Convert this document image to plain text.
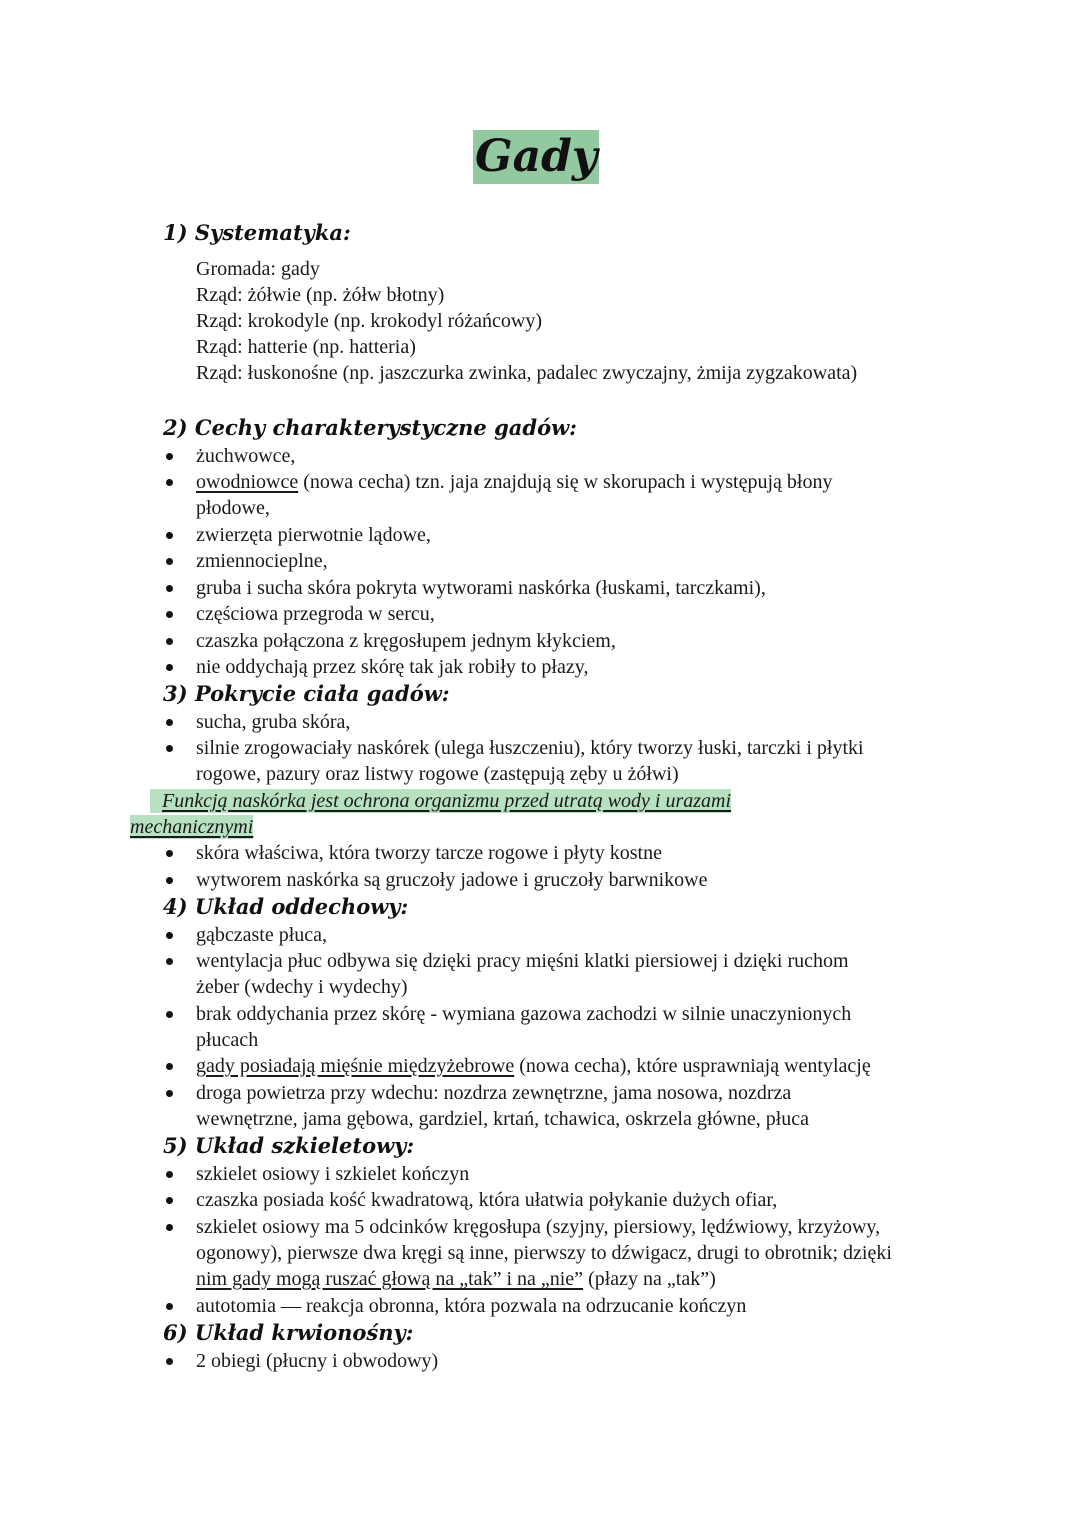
Gady
1) Systematyka:
Gromada: gady
Rząd: żółwie (np. żółw błotny)
Rząd: krokodyle (np. krokodyl różańcowy)
Rząd: hatterie (np. hatteria)
Rząd: łuskonośne (np. jaszczurka zwinka, padalec zwyczajny, żmija zygzakowata)
2) Cechy charakterystyczne gadów:
żuchwowce,
owodniowce (nowa cecha) tzn. jaja znajdują się w skorupach i występują błony
płodowe,
zwierzęta pierwotnie lądowe,
zmiennocieplne,
gruba i sucha skóra pokryta wytworami naskórka (łuskami, tarczkami),
częściowa przegroda w sercu,
czaszka połączona z kręgosłupem jednym kłykciem,
nie oddychają przez skórę tak jak robiły to płazy,
3) Pokrycie ciała gadów:
sucha, gruba skóra,
silnie zrogowaciały naskórek (ulega łuszczeniu), który tworzy łuski, tarczki i płytki
rogowe, pazury oraz listwy rogowe (zastępują zęby u żółwi)
Funkcją naskórka jest ochrona organizmu przed utratą wody i urazami
mechanicznymi
skóra właściwa, która tworzy tarcze rogowe i płyty kostne
wytworem naskórka są gruczoły jadowe i gruczoły barwnikowe
4) Układ oddechowy:
gąbczaste płuca,
wentylacja płuc odbywa się dzięki pracy mięśni klatki piersiowej i dzięki ruchom
żeber (wdechy i wydechy)
brak oddychania przez skórę - wymiana gazowa zachodzi w silnie unaczynionych
płucach
gady posiadają mięśnie międzyżebrowe (nowa cecha), które usprawniają wentylację
droga powietrza przy wdechu: nozdrza zewnętrzne, jama nosowa, nozdrza
wewnętrzne, jama gębowa, gardziel, krtań, tchawica, oskrzela główne, płuca
5) Układ szkieletowy:
szkielet osiowy i szkielet kończyn
czaszka posiada kość kwadratową, która ułatwia połykanie dużych ofiar,
szkielet osiowy ma 5 odcinków kręgosłupa (szyjny, piersiowy, lędźwiowy, krzyżowy,
ogonowy), pierwsze dwa kręgi są inne, pierwszy to dźwigacz, drugi to obrotnik; dzięki
nim gady mogą ruszać głową na „tak” i na „nie” (płazy na „tak”)
autotomia — reakcja obronna, która pozwala na odrzucanie kończyn
6) Układ krwionośny:
2 obiegi (płucny i obwodowy)
